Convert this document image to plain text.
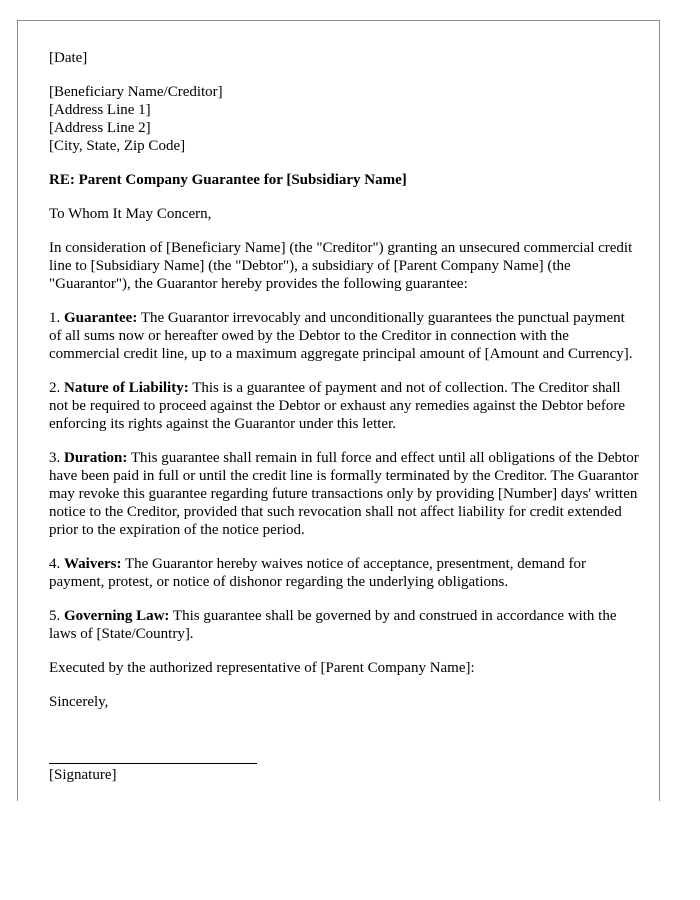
[Date]
[Beneficiary Name/Creditor]
[Address Line 1]
[Address Line 2]
[City, State, Zip Code]
RE: Parent Company Guarantee for [Subsidiary Name]
To Whom It May Concern,
In consideration of [Beneficiary Name] (the "Creditor") granting an unsecured commercial credit line to [Subsidiary Name] (the "Debtor"), a subsidiary of [Parent Company Name] (the "Guarantor"), the Guarantor hereby provides the following guarantee:
1. Guarantee: The Guarantor irrevocably and unconditionally guarantees the punctual payment of all sums now or hereafter owed by the Debtor to the Creditor in connection with the commercial credit line, up to a maximum aggregate principal amount of [Amount and Currency].
2. Nature of Liability: This is a guarantee of payment and not of collection. The Creditor shall not be required to proceed against the Debtor or exhaust any remedies against the Debtor before enforcing its rights against the Guarantor under this letter.
3. Duration: This guarantee shall remain in full force and effect until all obligations of the Debtor have been paid in full or until the credit line is formally terminated by the Creditor. The Guarantor may revoke this guarantee regarding future transactions only by providing [Number] days' written notice to the Creditor, provided that such revocation shall not affect liability for credit extended prior to the expiration of the notice period.
4. Waivers: The Guarantor hereby waives notice of acceptance, presentment, demand for payment, protest, or notice of dishonor regarding the underlying obligations.
5. Governing Law: This guarantee shall be governed by and construed in accordance with the laws of [State/Country].
Executed by the authorized representative of [Parent Company Name]:
Sincerely,
[Signature]
